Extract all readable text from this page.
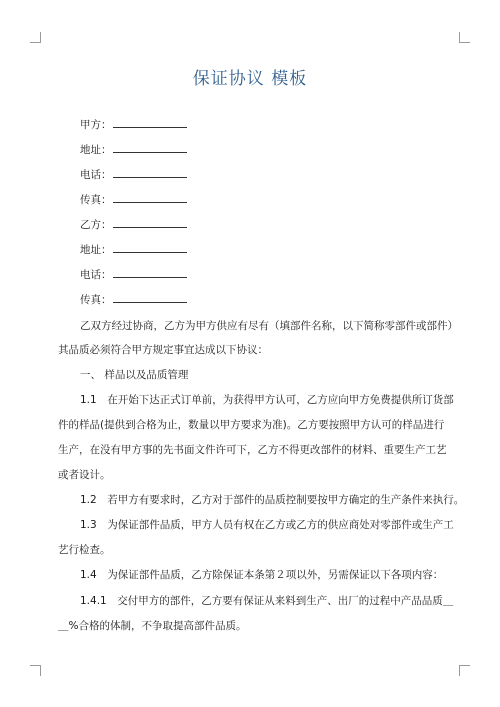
保证协议 模板
甲方：
地址：
电话：
传真：
乙方：
地址：
电话：
传真：
乙双方经过协商，乙方为甲方供应有尽有（填部件名称，以下简称零部件或部件）
其品质必须符合甲方规定事宜达成以下协议：
一、 样品以及品质管理
1.1　在开始下达正式订单前，为获得甲方认可，乙方应向甲方免费提供所订货部
件的样品(提供到合格为止，数量以甲方要求为准)。乙方要按照甲方认可的样品进行
生产，在没有甲方事的先书面文件许可下，乙方不得更改部件的材料、重要生产工艺
或者设计。
1.2　若甲方有要求时，乙方对于部件的品质控制要按甲方确定的生产条件来执行。
1.3　为保证部件品质，甲方人员有权在乙方或乙方的供应商处对零部件或生产工
艺行检查。
1.4　为保证部件品质，乙方除保证本条第２项以外，另需保证以下各项内容：
1.4.1　交付甲方的部件，乙方要有保证从来料到生产、出厂的过程中产品品质＿
＿%合格的体制，不争取提高部件品质。
